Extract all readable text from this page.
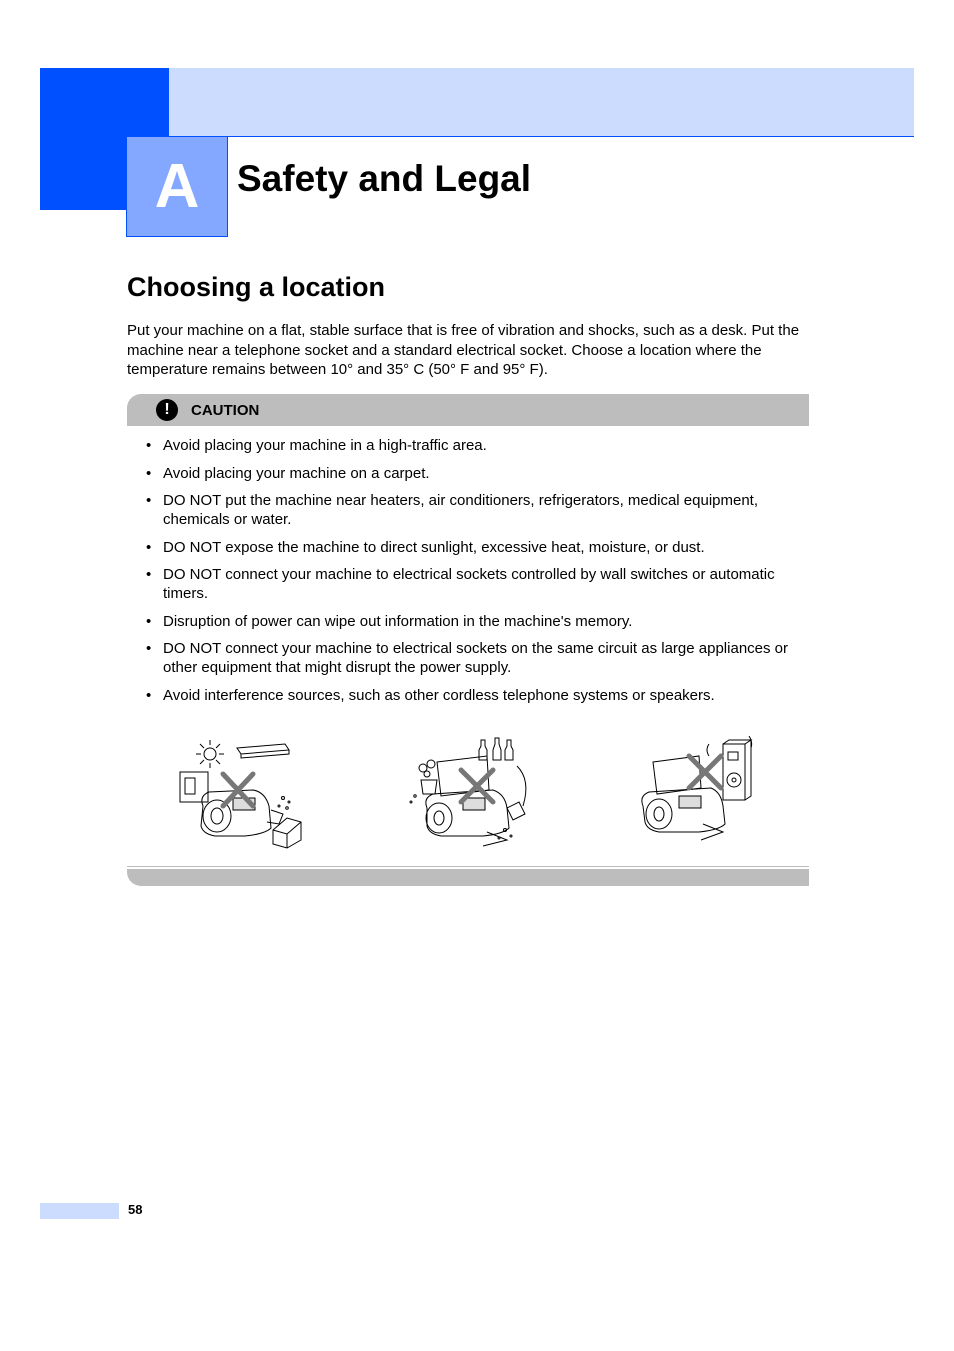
A Safety and Legal
Choosing a location

Put your machine on a flat, stable surface that is free of vibration and shocks, such as a desk. Put the machine near a telephone socket and a standard electrical socket. Choose a location where the temperature remains between 10° and 35° C (50° F and 95° F).

!	CAUTION
• Avoid placing your machine in a high-traffic area.
• Avoid placing your machine on a carpet.
• DO NOT put the machine near heaters, air conditioners, refrigerators, medical equipment, chemicals or water.
• DO NOT expose the machine to direct sunlight, excessive heat, moisture, or dust.
• DO NOT connect your machine to electrical sockets controlled by wall switches or automatic timers.
• Disruption of power can wipe out information in the machine's memory.
• DO NOT connect your machine to electrical sockets on the same circuit as large appliances or other equipment that might disrupt the power supply.
• Avoid interference sources, such as other cordless telephone systems or speakers.
58
